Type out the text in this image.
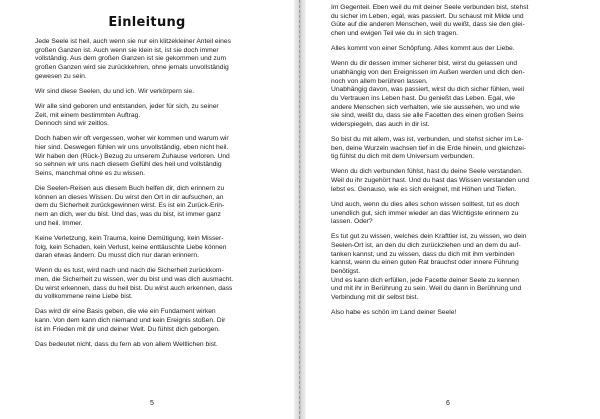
Einleitung
Jede Seele ist heil, auch wenn sie nur ein klitzekleiner Anteil eines
großen Ganzen ist. Auch wenn sie klein ist, ist sie doch immer
vollständig. Aus dem großen Ganzen ist sie gekommen und zum
großen Ganzen wird sie zurückkehren, ohne jemals unvollständig
gewesen zu sein.
Wir sind diese Seelen, du und ich. Wir verkörpern sie.
Wir alle sind geboren und entstanden, jeder für sich, zu seiner
Zeit, mit einem bestimmten Auftrag.
Dennoch sind wir zeitlos.
Doch haben wir oft vergessen, woher wir kommen und warum wir
hier sind. Deswegen fühlen wir uns unvollständig, eben nicht heil.
Wir haben den (Rück-) Bezug zu unserem Zuhause verloren. Und
so sehnen wir uns nach diesem Gefühl des heil und vollständig
Seins, manchmal ohne es zu wissen.
Die Seelen-Reisen aus diesem Buch helfen dir, dich erinnern zu
können an dieses Wissen. Du wirst den Ort in dir aufsuchen, an
dem du Sicherheit zurückgewinnen wirst. Es ist ein Zurück-Erin-
nern an dich, wer du bist. Und das, was du bist, ist immer ganz
und heil. Immer.
Keine Verletzung, kein Trauma, keine Demütigung, kein Misser-
folg, kein Schaden, kein Verlust, keine enttäuschte Liebe können
daran etwas ändern. Du musst dich nur daran erinnern.
Wenn du es tust, wird nach und nach die Sicherheit zurückkom-
men, die Sicherheit zu wissen, wer du bist und was dich ausmacht.
Du wirst erkennen, dass du heil bist. Du wirst auch erkennen, dass
du vollkommene reine Liebe bist.
Das wird dir eine Basis geben, die wie ein Fundament wirken
kann. Von dem kann dich niemand und kein Ereignis stoßen. Dir
ist im Frieden mit dir und deiner Welt. Du fühlst dich geborgen.
Das bedeutet nicht, dass du fern ab von allem Weltlichen bist.
Im Gegenteil. Eben weil du mit deiner Seele verbunden bist, stehst
du sicher im Leben, egal, was passiert. Du schaust mit Milde und
Güte auf die anderen Menschen, weil du weißt, dass sie den glei-
chen und ewigen Teil wie du in sich tragen.
Alles kommt von einer Schöpfung. Alles kommt aus der Liebe.
Wenn du dir dessen immer sicherer bist, wirst du gelassen und
unabhängig von den Ereignissen im Außen werden und dich den-
noch von allem berühren lassen.
Unabhängig davon, was passiert, wirst du dich sicher fühlen, weil
du Vertrauen ins Leben hast. Du genießt das Leben. Egal, wie
andere Menschen sich verhalten, wie sie aussehen, wo und wie
sie sind, weißt du, dass sie alle Facetten des einen großen Seins
widerspiegeln, das auch in dir ist.
So bist du mit allem, was ist, verbunden, und stehst sicher im Le-
ben, deine Wurzeln wachsen tief in die Erde hinein, und gleichzei-
tig fühlst du dich mit dem Universum verbunden.
Wenn du dich verbunden fühlst, hast du deine Seele verstanden.
Weil du ihr zugehört hast. Und du hast das Wissen verstanden und
lebst es. Genauso, wie es sich ereignet, mit Höhen und Tiefen.
Und auch, wenn du dies alles schon wissen solltest, tut es doch
unendlich gut, sich immer wieder an das Wichtigste erinnern zu
lassen. Oder?
Es tut gut zu wissen, welches dein Krafttier ist, zu wissen, wo dein
Seelen-Ort ist, an den du dich zurückziehen und an dem du auf-
tanken kannst, und zu wissen, dass du dich mit ihm verbinden
kannst, wenn du einen guten Rat brauchst oder innere Führung
benötigst.
Und es kann dich erfüllen, jede Facette deiner Seele zu kennen
und mit ihr in Berührung zu sein. Weil du dann in Berührung und
Verbindung mit dir selbst bist.
Also habe es schön im Land deiner Seele!
5	6
